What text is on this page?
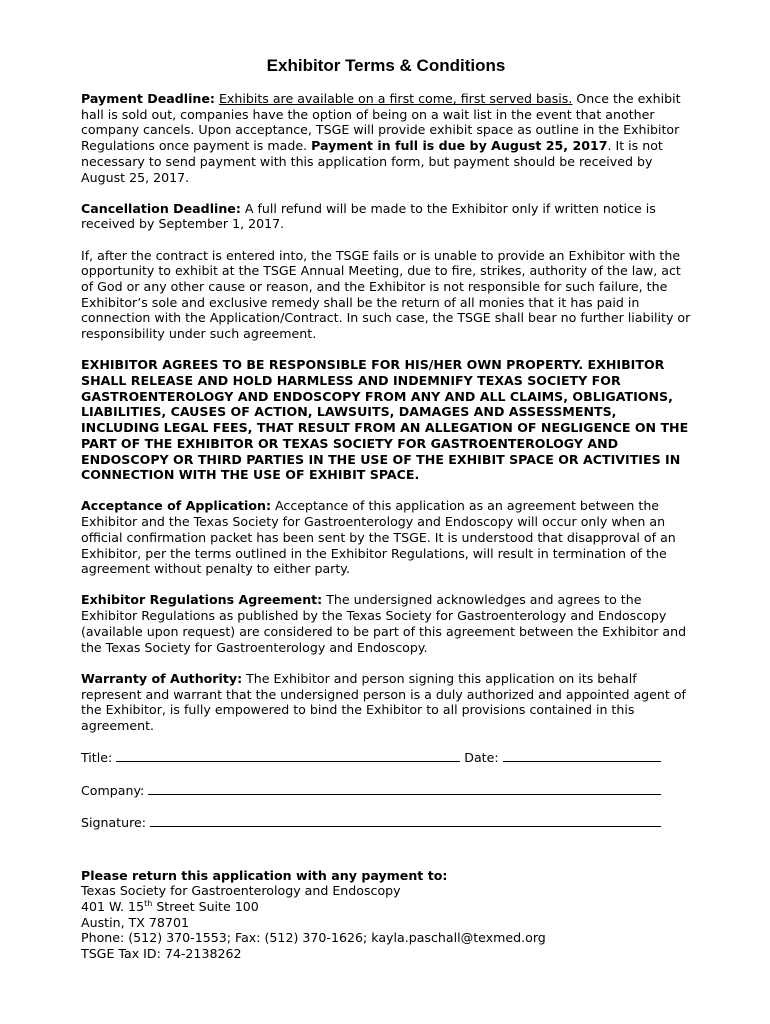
Exhibitor Terms & Conditions

Payment Deadline: Exhibits are available on a first come, first served basis. Once the exhibit hall is sold out, companies have the option of being on a wait list in the event that another company cancels. Upon acceptance, TSGE will provide exhibit space as outline in the Exhibitor Regulations once payment is made. Payment in full is due by August 25, 2017. It is not necessary to send payment with this application form, but payment should be received by August 25, 2017.

Cancellation Deadline: A full refund will be made to the Exhibitor only if written notice is received by September 1, 2017.

If, after the contract is entered into, the TSGE fails or is unable to provide an Exhibitor with the opportunity to exhibit at the TSGE Annual Meeting, due to fire, strikes, authority of the law, act of God or any other cause or reason, and the Exhibitor is not responsible for such failure, the Exhibitor’s sole and exclusive remedy shall be the return of all monies that it has paid in connection with the Application/Contract. In such case, the TSGE shall bear no further liability or responsibility under such agreement.

EXHIBITOR AGREES TO BE RESPONSIBLE FOR HIS/HER OWN PROPERTY. EXHIBITOR SHALL RELEASE AND HOLD HARMLESS AND INDEMNIFY TEXAS SOCIETY FOR GASTROENTEROLOGY AND ENDOSCOPY FROM ANY AND ALL CLAIMS, OBLIGATIONS, LIABILITIES, CAUSES OF ACTION, LAWSUITS, DAMAGES AND ASSESSMENTS, INCLUDING LEGAL FEES, THAT RESULT FROM AN ALLEGATION OF NEGLIGENCE ON THE PART OF THE EXHIBITOR OR TEXAS SOCIETY FOR GASTROENTEROLOGY AND ENDOSCOPY OR THIRD PARTIES IN THE USE OF THE EXHIBIT SPACE OR ACTIVITIES IN CONNECTION WITH THE USE OF EXHIBIT SPACE.

Acceptance of Application: Acceptance of this application as an agreement between the Exhibitor and the Texas Society for Gastroenterology and Endoscopy will occur only when an official confirmation packet has been sent by the TSGE. It is understood that disapproval of an Exhibitor, per the terms outlined in the Exhibitor Regulations, will result in termination of the agreement without penalty to either party.

Exhibitor Regulations Agreement: The undersigned acknowledges and agrees to the Exhibitor Regulations as published by the Texas Society for Gastroenterology and Endoscopy (available upon request) are considered to be part of this agreement between the Exhibitor and the Texas Society for Gastroenterology and Endoscopy.

Warranty of Authority: The Exhibitor and person signing this application on its behalf represent and warrant that the undersigned person is a duly authorized and appointed agent of the Exhibitor, is fully empowered to bind the Exhibitor to all provisions contained in this agreement.

Title:	Date:
Company:
Signature:

Please return this application with any payment to:

Texas Society for Gastroenterology and Endoscopy

401 W. 15th Street Suite 100

Austin, TX 78701

Phone: (512) 370-1553; Fax: (512) 370-1626; kayla.paschall@texmed.org

TSGE Tax ID: 74-2138262
